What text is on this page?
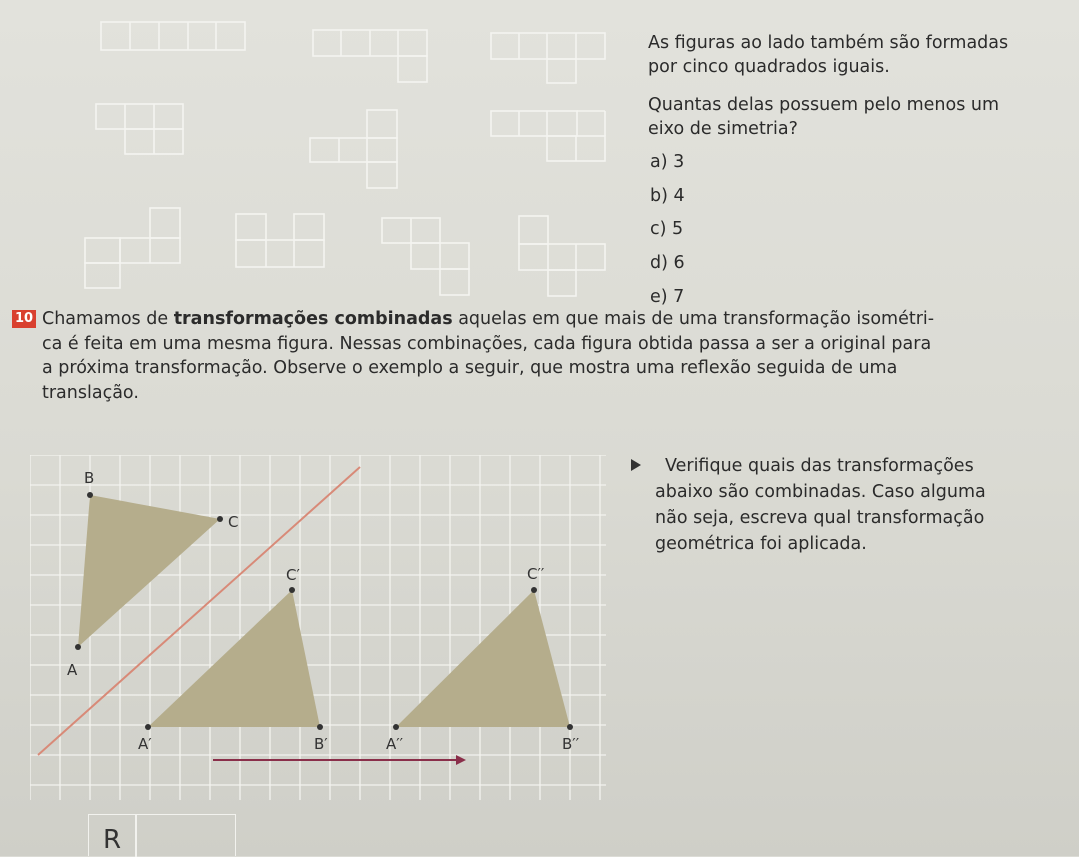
As figuras ao lado também são formadas
por cinco quadrados iguais.
Quantas delas possuem pelo menos um
eixo de simetria?
a) 3
b) 4
c) 5
d) 6
e) 7
10 Chamamos de transformações combinadas aquelas em que mais de uma transformação isométri-

ca é feita em uma mesma figura. Nessas combinações, cada figura obtida passa a ser a original para

a próxima transformação. Observe o exemplo a seguir, que mostra uma reflexão seguida de uma

translação.

B
C
A
C′
A′	B′
C′′
A′′	B′′

Verifique quais das transformações

abaixo são combinadas. Caso alguma

não seja, escreva qual transformação

geométrica foi aplicada.

R
